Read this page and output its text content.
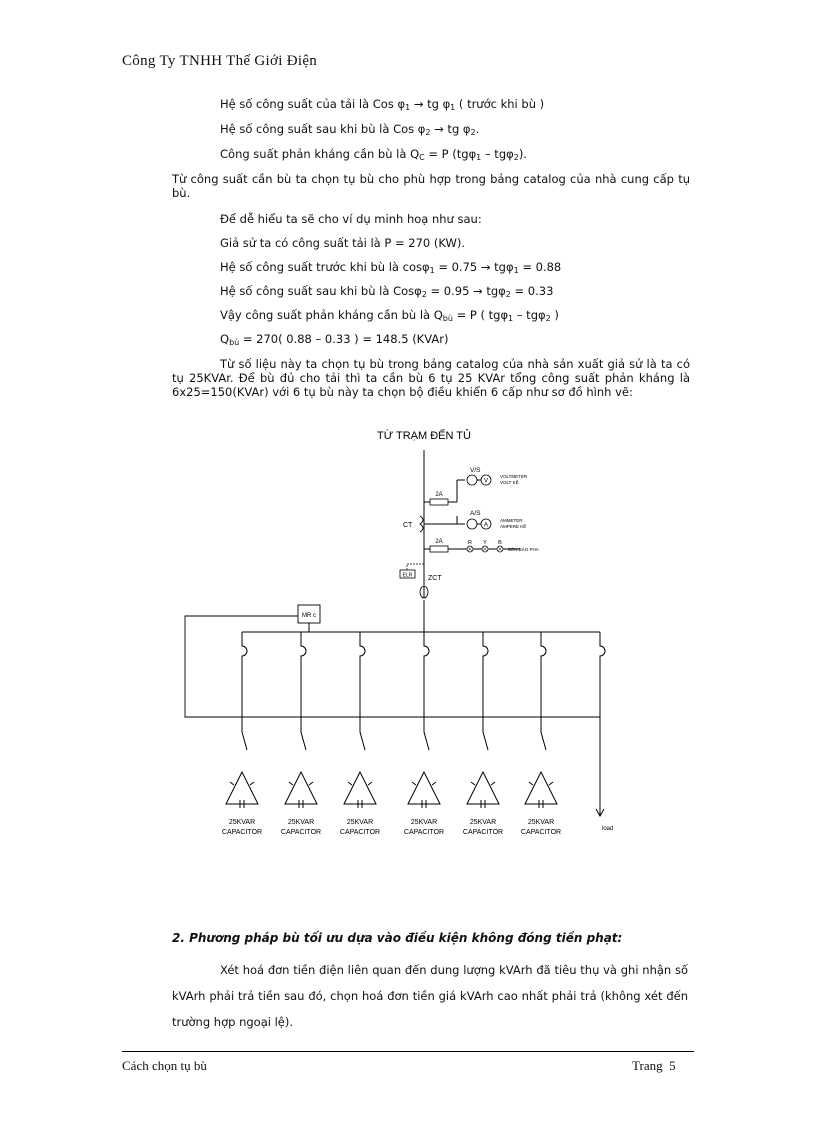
Công Ty TNHH Thế Giới Điện
Hệ số công suất của tải là Cos $\varphi_1$ → tg $\varphi_1$ ( trước khi bù )
Hệ số công suất sau khi bù là Cos $\varphi_2$ → tg $\varphi_2$.
Công suất phản kháng cần bù là $Q_C = P$ (tgφ$_1$ – tgφ$_2$).
Từ công suất cần bù ta chọn tụ bù cho phù hợp trong bảng catalog của nhà cung cấp tụ bù.
Để dễ hiểu ta sẽ cho ví dụ minh hoạ như sau:
Giả sử ta có công suất tải là P = 270 (KW).
Hệ số công suất trước khi bù là cosφ$_1$ = 0.75 → tgφ$_1$ = 0.88
Hệ số công suất sau khi bù là Cosφ$_2$ = 0.95 → tgφ$_2$ = 0.33
Vậy công suất phản kháng cần bù là $Q_{bù} = P$ ( tgφ$_1$ – tgφ$_2$ )
$Q_{bù} = 270$( 0.88 – 0.33 ) = 148.5 (KVAr)
Từ số liệu này ta chọn tụ bù trong bảng catalog của nhà sản xuất giả sử là ta có tụ 25KVAr. Để bù đủ cho tải thì ta cần bù 6 tụ 25 KVAr tổng công suất phản kháng là 6x25=150(KVAr) với 6 tụ bù này ta chọn bộ điều khiển 6 cấp như sơ đồ hình vẽ:
TỪ TRẠM ĐẾN TỦ
2A
V/S
V
VOLTMETER
VOLT KẾ
CT
A/S
A
AMMETER
AMPERE KẾ
2A	R Y B
ĐÈN BÁO PHA
ELR ZCT
MR c
25KVAR
CAPACITOR
25KVAR
CAPACITOR
25KVAR
CAPACITOR
25KVAR
CAPACITOR
25KVAR
CAPACITOR
25KVAR
CAPACITOR	load
2. Phương pháp bù tối ưu dựa vào điều kiện không đóng tiền phạt:
Xét hoá đơn tiền điện liên quan đến dung lượng kVArh đã tiêu thụ và ghi nhận số kVArh phải trả tiền sau đó, chọn hoá đơn tiền giá kVArh cao nhất phải trả (không xét đến trường hợp ngoại lệ).
Cách chọn tụ bù	Trang 5
